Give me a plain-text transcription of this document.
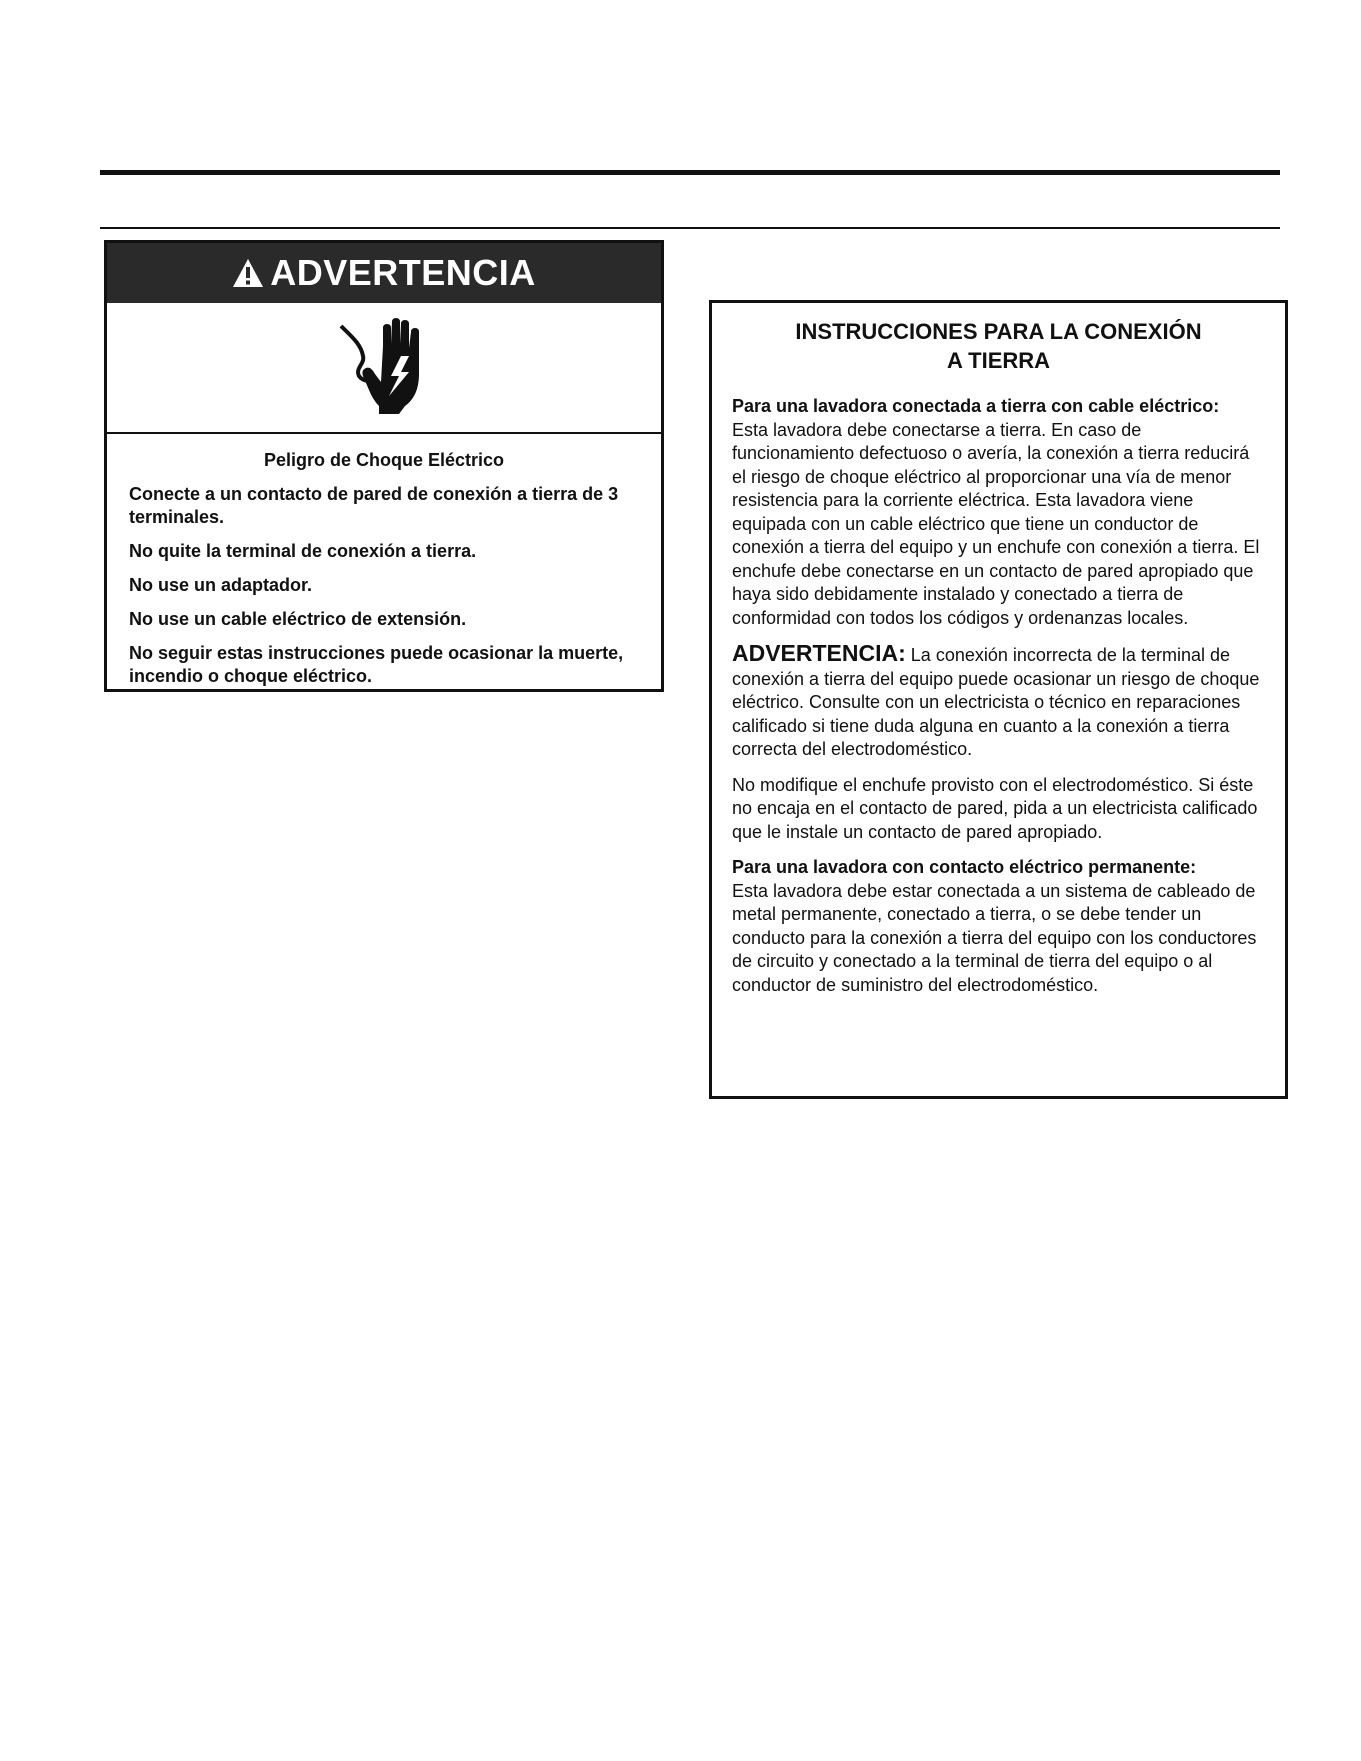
ADVERTENCIA

Peligro de Choque Eléctrico

Conecte a un contacto de pared de conexión a tierra de 3 terminales.

No quite la terminal de conexión a tierra.

No use un adaptador.

No use un cable eléctrico de extensión.

No seguir estas instrucciones puede ocasionar la muerte, incendio o choque eléctrico.

INSTRUCCIONES PARA LA CONEXIÓN
A TIERRA

Para una lavadora conectada a tierra con cable eléctrico:
Esta lavadora debe conectarse a tierra. En caso de funcionamiento defectuoso o avería, la conexión a tierra reducirá el riesgo de choque eléctrico al proporcionar una vía de menor resistencia para la corriente eléctrica. Esta lavadora viene equipada con un cable eléctrico que tiene un conductor de conexión a tierra del equipo y un enchufe con conexión a tierra. El enchufe debe conectarse en un contacto de pared apropiado que haya sido debidamente instalado y conectado a tierra de conformidad con todos los códigos y ordenanzas locales.

ADVERTENCIA: La conexión incorrecta de la terminal de conexión a tierra del equipo puede ocasionar un riesgo de choque eléctrico. Consulte con un electricista o técnico en reparaciones calificado si tiene duda alguna en cuanto a la conexión a tierra correcta del electrodoméstico.

No modifique el enchufe provisto con el electrodoméstico. Si éste no encaja en el contacto de pared, pida a un electricista calificado que le instale un contacto de pared apropiado.

Para una lavadora con contacto eléctrico permanente:
Esta lavadora debe estar conectada a un sistema de cableado de metal permanente, conectado a tierra, o se debe tender un conducto para la conexión a tierra del equipo con los conductores de circuito y conectado a la terminal de tierra del equipo o al conductor de suministro del electrodoméstico.
